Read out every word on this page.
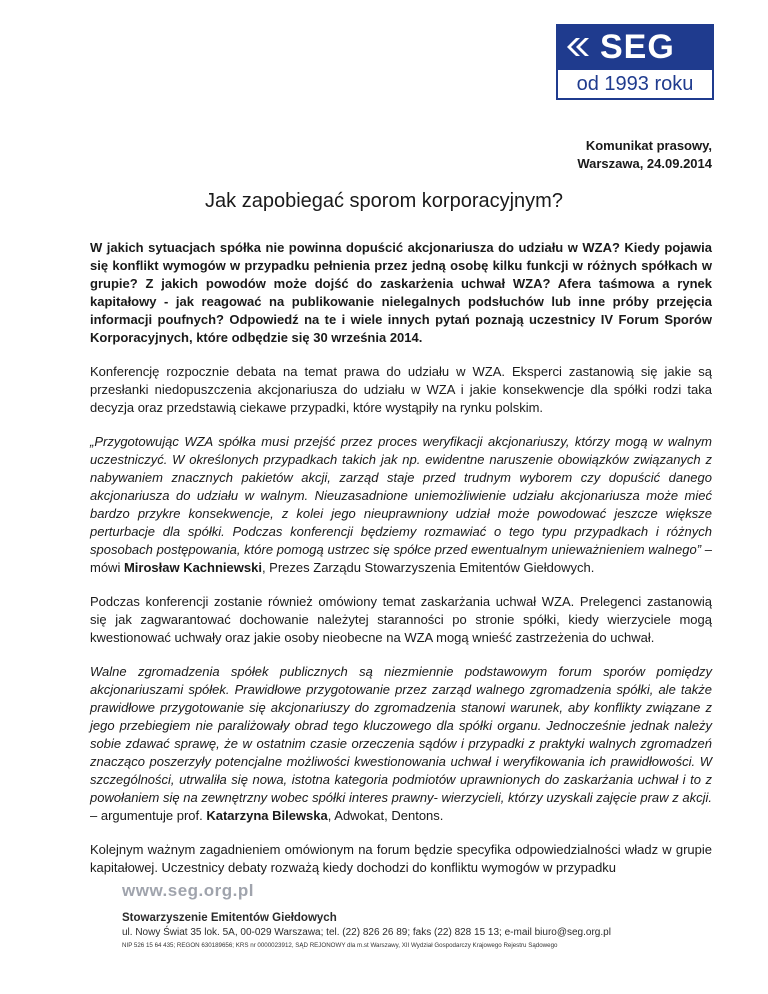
SEG
od 1993 roku
Komunikat prasowy,
Warszawa, 24.09.2014
Jak zapobiegać sporom korporacyjnym?

W jakich sytuacjach spółka nie powinna dopuścić akcjonariusza do udziału w WZA? Kiedy pojawia się konflikt wymogów w przypadku pełnienia przez jedną osobę kilku funkcji w różnych spółkach w grupie? Z jakich powodów może dojść do zaskarżenia uchwał WZA? Afera taśmowa a rynek kapitałowy - jak reagować na publikowanie nielegalnych podsłuchów lub inne próby przejęcia informacji poufnych? Odpowiedź na te i wiele innych pytań poznają uczestnicy IV Forum Sporów Korporacyjnych, które odbędzie się 30 września 2014.

Konferencję rozpocznie debata na temat prawa do udziału w WZA. Eksperci zastanowią się jakie są przesłanki niedopuszczenia akcjonariusza do udziału w WZA i jakie konsekwencje dla spółki rodzi taka decyzja oraz przedstawią ciekawe przypadki, które wystąpiły na rynku polskim.

„Przygotowując WZA spółka musi przejść przez proces weryfikacji akcjonariuszy, którzy mogą w walnym uczestniczyć. W określonych przypadkach takich jak np. ewidentne naruszenie obowiązków związanych z nabywaniem znacznych pakietów akcji, zarząd staje przed trudnym wyborem czy dopuścić danego akcjonariusza do udziału w walnym. Nieuzasadnione uniemożliwienie udziału akcjonariusza może mieć bardzo przykre konsekwencje, z kolei jego nieuprawniony udział może powodować jeszcze większe perturbacje dla spółki. Podczas konferencji będziemy rozmawiać o tego typu przypadkach i różnych sposobach postępowania, które pomogą ustrzec się spółce przed ewentualnym unieważnieniem walnego” – mówi Mirosław Kachniewski, Prezes Zarządu Stowarzyszenia Emitentów Giełdowych.

Podczas konferencji zostanie również omówiony temat zaskarżania uchwał WZA. Prelegenci zastanowią się jak zagwarantować dochowanie należytej staranności po stronie spółki, kiedy wierzyciele mogą kwestionować uchwały oraz jakie osoby nieobecne na WZA mogą wnieść zastrzeżenia do uchwał.

Walne zgromadzenia spółek publicznych są niezmiennie podstawowym forum sporów pomiędzy akcjonariuszami spółek. Prawidłowe przygotowanie przez zarząd walnego zgromadzenia spółki, ale także prawidłowe przygotowanie się akcjonariuszy do zgromadzenia stanowi warunek, aby konflikty związane z jego przebiegiem nie paraliżowały obrad tego kluczowego dla spółki organu. Jednocześnie jednak należy sobie zdawać sprawę, że w ostatnim czasie orzeczenia sądów i przypadki z praktyki walnych zgromadzeń znacząco poszerzyły potencjalne możliwości kwestionowania uchwał i weryfikowania ich prawidłowości. W szczególności, utrwaliła się nowa, istotna kategoria podmiotów uprawnionych do zaskarżania uchwał i to z powołaniem się na zewnętrzny wobec spółki interes prawny- wierzycieli, którzy uzyskali zajęcie praw z akcji. – argumentuje prof. Katarzyna Bilewska, Adwokat, Dentons.

Kolejnym ważnym zagadnieniem omówionym na forum będzie specyfika odpowiedzialności władz w grupie kapitałowej. Uczestnicy debaty rozważą kiedy dochodzi do konfliktu wymogów w przypadku

www.seg.org.pl
Stowarzyszenie Emitentów Giełdowych
ul. Nowy Świat 35 lok. 5A, 00-029 Warszawa; tel. (22) 826 26 89; faks (22) 828 15 13; e-mail biuro@seg.org.pl
NIP 526 15 64 435; REGON 630189656; KRS nr 0000023912, SĄD REJONOWY dla m.st Warszawy, XII Wydział Gospodarczy Krajowego Rejestru Sądowego
